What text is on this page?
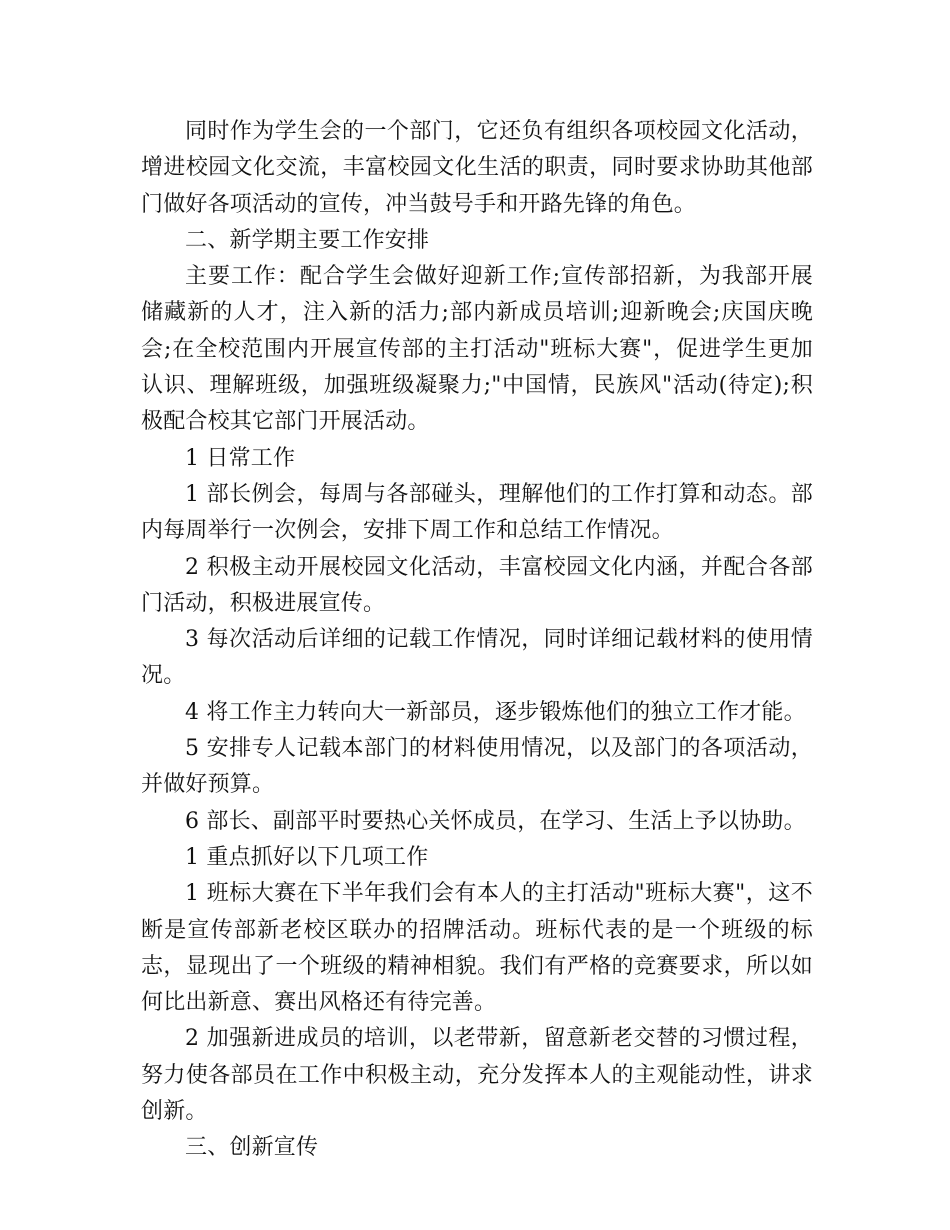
同时作为学生会的一个部门，它还负有组织各项校园文化活动，增进校园文化交流，丰富校园文化生活的职责，同时要求协助其他部门做好各项活动的宣传，冲当鼓号手和开路先锋的角色。

二、新学期主要工作安排

主要工作：配合学生会做好迎新工作;宣传部招新，为我部开展储藏新的人才，注入新的活力;部内新成员培训;迎新晚会;庆国庆晚会;在全校范围内开展宣传部的主打活动"班标大赛"，促进学生更加认识、理解班级，加强班级凝聚力;"中国情，民族风"活动(待定);积极配合校其它部门开展活动。

1 日常工作

1 部长例会，每周与各部碰头，理解他们的工作打算和动态。部内每周举行一次例会，安排下周工作和总结工作情况。

2 积极主动开展校园文化活动，丰富校园文化内涵，并配合各部门活动，积极进展宣传。

3 每次活动后详细的记载工作情况，同时详细记载材料的使用情况。

4 将工作主力转向大一新部员，逐步锻炼他们的独立工作才能。

5 安排专人记载本部门的材料使用情况，以及部门的各项活动，并做好预算。

6 部长、副部平时要热心关怀成员，在学习、生活上予以协助。

1 重点抓好以下几项工作

1 班标大赛在下半年我们会有本人的主打活动"班标大赛"，这不断是宣传部新老校区联办的招牌活动。班标代表的是一个班级的标志，显现出了一个班级的精神相貌。我们有严格的竞赛要求，所以如何比出新意、赛出风格还有待完善。

2 加强新进成员的培训，以老带新，留意新老交替的习惯过程，努力使各部员在工作中积极主动，充分发挥本人的主观能动性，讲求创新。

三、创新宣传
